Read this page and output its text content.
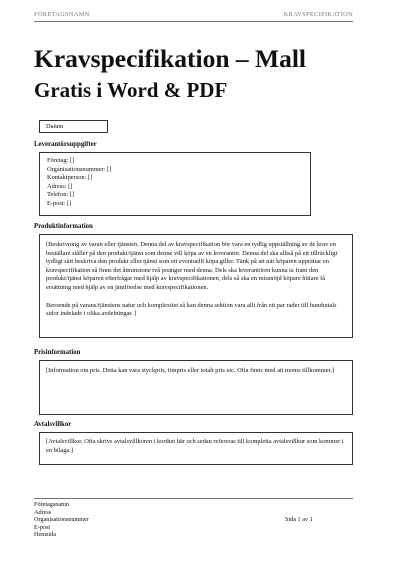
FÖRETAGSNAMN	KRAVSPECIFIKATION
Kravspecifikation – Mall
Gratis i Word & PDF
Datum
Leverantörsuppgifter
Företag: []
Organisationsnummer: []
Kontaktperson: []
Adress: []
Telefon: []
E-post: []
Produktinformation

[Beskrivning av varan eller tjänsten. Denna del av kravspecifikation bör vara en tydlig uppställning av de krav en beställare ställer på den produkt/tjänst som denne vill köpa av en leverantör. Denna del ska alltså på ett tillräckligt tydligt sätt beskriva den produkt eller tjänst som ett eventuellt köpa giller. Tänk på att när köparen upprättar en kravspecifikation så finns det åtminstone två poänger med denna. Dels ska leverantören kunna ta fram den produkt/tjänst köparen efterfrågar med hjälp av kravspecifikationen, dels så ska en missnöjd köpare hittare få ersättning med hjälp av en jämförelse med kravspecifikationen.

Beroende på varans/tjänstens natur och komplexitet så kan denna sektion vara allt från ett par rader till hundratals sidor indelade i olika avdelningar. ]

Prisinformation
[Information om pris. Detta kan vara styckpris, timpris eller totalt pris etc. Ofta finns med att moms tillkommer.]
Avtalsvillkor
[Avtalsvillkor. Ofta skrivs avtalsvillkoren i korthet här och sedan refereras till kompletta avtalsvillkor som kommer i en bilaga.]
Företagsnamn
Adress
Organisationsnummer
E-post
Hemsida
Sida 1 av 1
